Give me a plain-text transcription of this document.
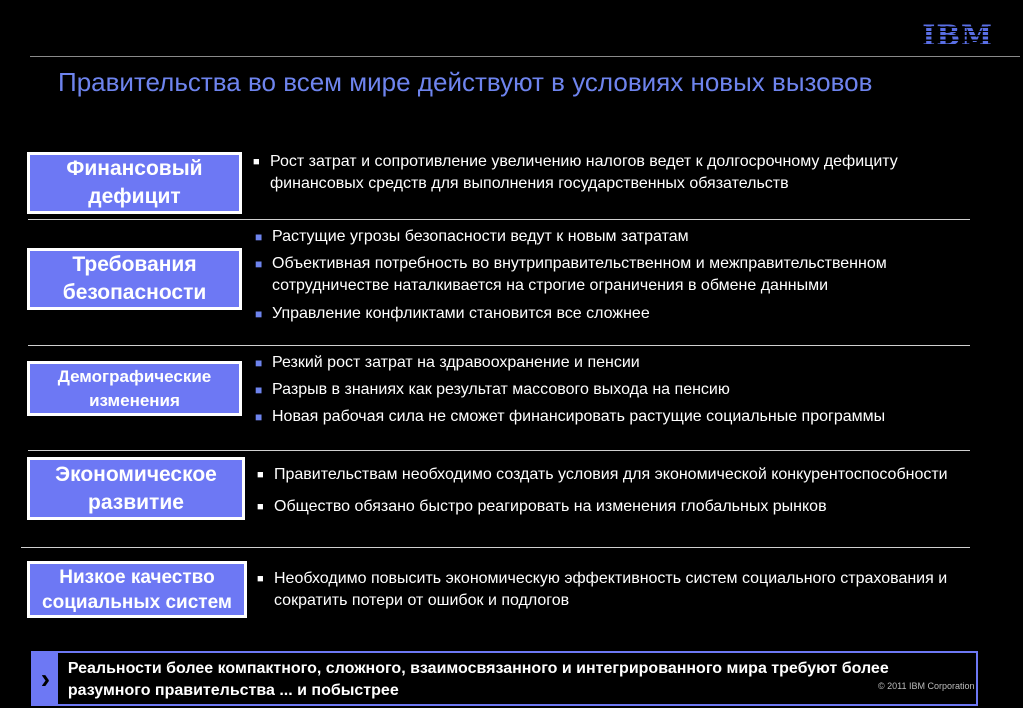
IBM
Правительства во всем мире действуют в условиях новых вызовов
Финансовый
дефицит
■ Рост затрат и сопротивление увеличению налогов ведет к долгосрочному дефициту финансовых средств для выполнения государственных обязательств
Требования
безопасности
■ Растущие угрозы безопасности ведут к новым затратам
■ Объективная потребность во внутриправительственном и межправительственном сотрудничестве наталкивается на строгие ограничения в обмене данными
■ Управление конфликтами становится все сложнее
Демографические
изменения
■ Резкий рост затрат на здравоохранение и пенсии
■ Разрыв в знаниях как результат массового выхода на пенсию
■ Новая рабочая сила не сможет финансировать растущие социальные программы
Экономическое
развитие
■ Правительствам необходимо создать условия для экономической конкурентоспособности
■ Общество обязано быстро реагировать на изменения глобальных рынков
Низкое качество
социальных систем
■ Необходимо повысить экономическую эффективность систем социального страхования и сократить потери от ошибок и подлогов
›	Реальности более компактного, сложного, взаимосвязанного и интегрированного мира требуют более разумного правительства ... и побыстрее	© 2011 IBM Corporation
